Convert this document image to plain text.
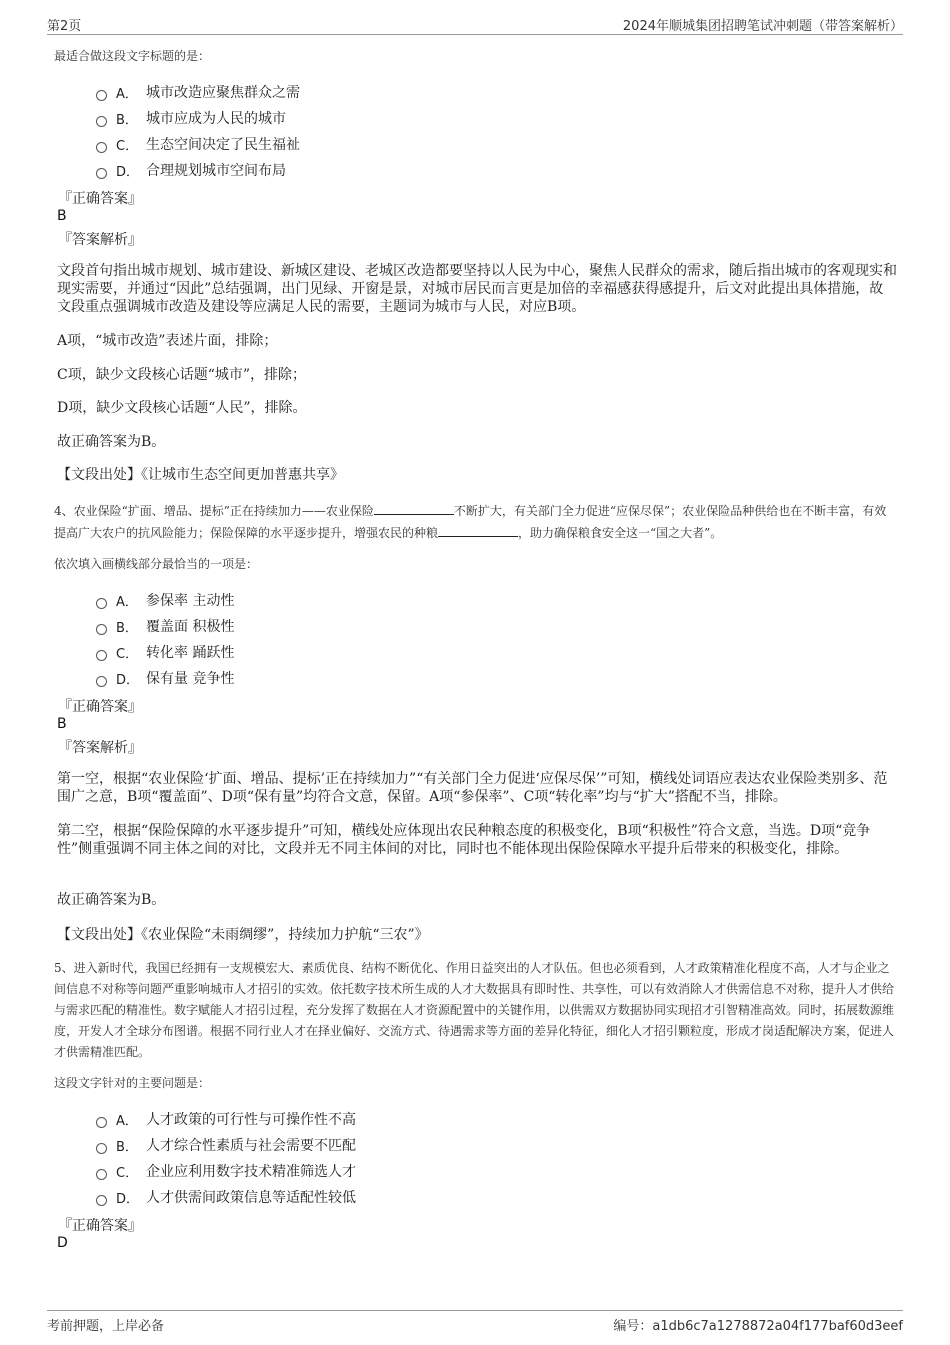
第2页	2024年顺城集团招聘笔试冲刺题（带答案解析）
最适合做这段文字标题的是：
A． 城市改造应聚焦群众之需
B． 城市应成为人民的城市
C． 生态空间决定了民生福祉
D． 合理规划城市空间布局
『正确答案』
B
『答案解析』
文段首句指出城市规划、城市建设、新城区建设、老城区改造都要坚持以人民为中心，聚焦人民群众的需求，随后指出城市的客观现实和现实需要，并通过“因此”总结强调，出门见绿、开窗是景，对城市居民而言更是加倍的幸福感获得感提升，后文对此提出具体措施，故文段重点强调城市改造及建设等应满足人民的需要，主题词为城市与人民，对应B项。
A项，“城市改造”表述片面，排除；
C项，缺少文段核心话题“城市”，排除；
D项，缺少文段核心话题“人民”，排除。
故正确答案为B。
【文段出处】《让城市生态空间更加普惠共享》
4、农业保险“扩面、增品、提标”正在持续加力——农业保险	不断扩大，有关部门全力促进“应保尽保”；农业保险品种供给也在不断丰富，有效提高广大农户的抗风险能力；保险保障的水平逐步提升，增强农民的种粮	，助力确保粮食安全这一“国之大者”。
依次填入画横线部分最恰当的一项是：
A． 参保率 主动性
B． 覆盖面 积极性
C． 转化率 踊跃性
D． 保有量 竞争性
『正确答案』
B
『答案解析』
第一空，根据“农业保险‘扩面、增品、提标’正在持续加力”“有关部门全力促进‘应保尽保’”可知，横线处词语应表达农业保险类别多、范围广之意，B项“覆盖面”、D项“保有量”均符合文意，保留。A项“参保率”、C项“转化率”均与“扩大”搭配不当，排除。
第二空，根据“保险保障的水平逐步提升”可知，横线处应体现出农民种粮态度的积极变化，B项“积极性”符合文意，当选。D项“竞争性”侧重强调不同主体之间的对比，文段并无不同主体间的对比，同时也不能体现出保险保障水平提升后带来的积极变化，排除。
故正确答案为B。
【文段出处】《农业保险“未雨绸缪”，持续加力护航“三农”》
5、进入新时代，我国已经拥有一支规模宏大、素质优良、结构不断优化、作用日益突出的人才队伍。但也必须看到，人才政策精准化程度不高，人才与企业之间信息不对称等问题严重影响城市人才招引的实效。依托数字技术所生成的人才大数据具有即时性、共享性，可以有效消除人才供需信息不对称，提升人才供给与需求匹配的精准性。数字赋能人才招引过程，充分发挥了数据在人才资源配置中的关键作用，以供需双方数据协同实现招才引智精准高效。同时，拓展数源维度，开发人才全球分布图谱。根据不同行业人才在择业偏好、交流方式、待遇需求等方面的差异化特征，细化人才招引颗粒度，形成才岗适配解决方案，促进人才供需精准匹配。
这段文字针对的主要问题是：
A． 人才政策的可行性与可操作性不高
B． 人才综合性素质与社会需要不匹配
C． 企业应利用数字技术精准筛选人才
D． 人才供需间政策信息等适配性较低
『正确答案』
D
考前押题，上岸必备	编号：a1db6c7a1278872a04f177baf60d3eef
